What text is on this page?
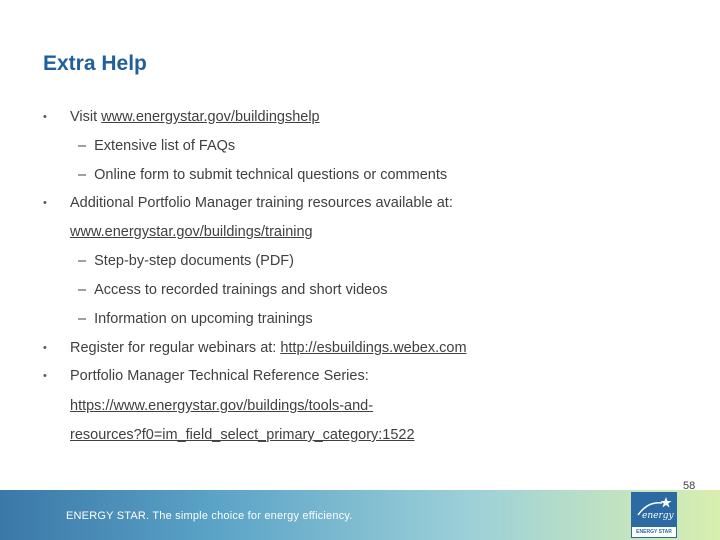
Extra Help
• Visit www.energystar.gov/buildingshelp
– Extensive list of FAQs
– Online form to submit technical questions or comments
• Additional Portfolio Manager training resources available at:
www.energystar.gov/buildings/training
– Step-by-step documents (PDF)
– Access to recorded trainings and short videos
– Information on upcoming trainings
• Register for regular webinars at: http://esbuildings.webex.com
• Portfolio Manager Technical Reference Series:
https://www.energystar.gov/buildings/tools-and-
resources?f0=im_field_select_primary_category:1522
ENERGY STAR. The simple choice for energy efficiency.	energy
ENERGY STAR
58
